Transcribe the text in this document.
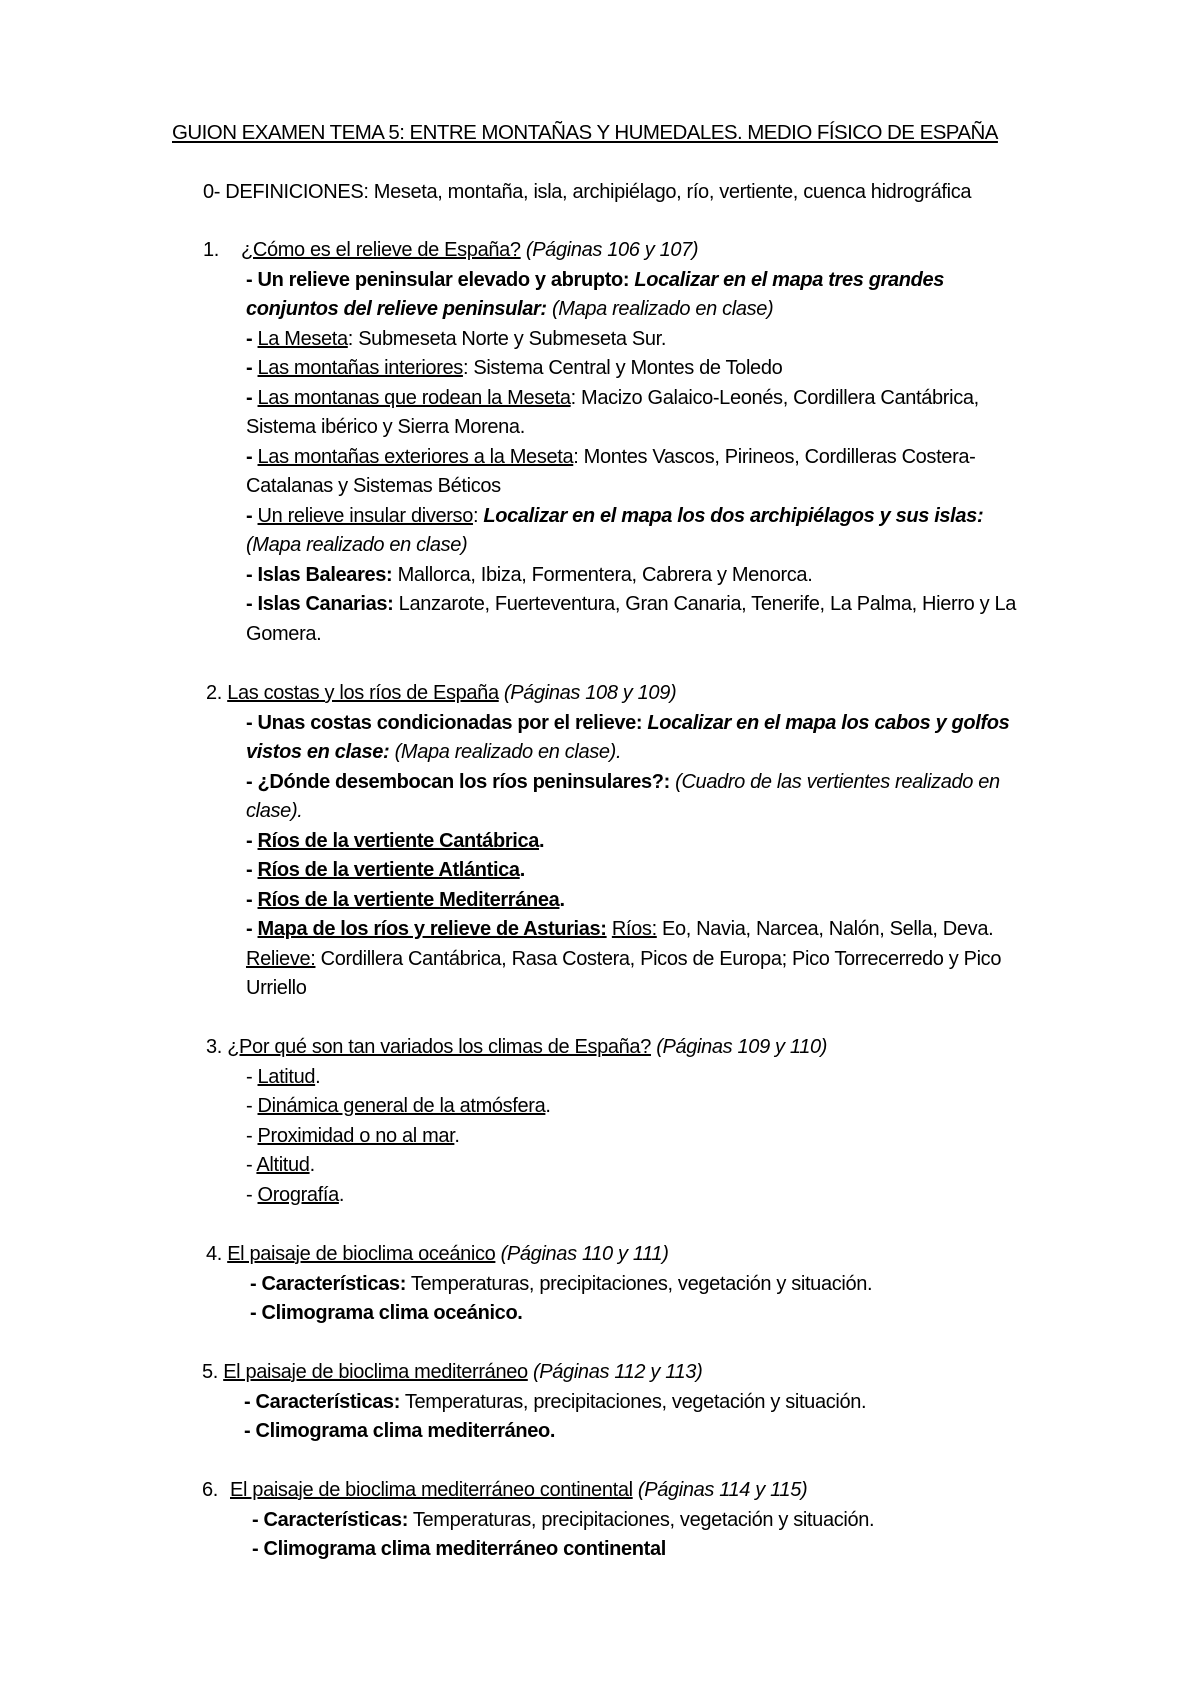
GUION EXAMEN TEMA 5: ENTRE MONTAÑAS Y HUMEDALES. MEDIO FÍSICO DE ESPAÑA
0- DEFINICIONES: Meseta, montaña, isla, archipiélago, río, vertiente, cuenca hidrográfica
1. ¿Cómo es el relieve de España? (Páginas 106 y 107)
- Un relieve peninsular elevado y abrupto: Localizar en el mapa tres grandes
conjuntos del relieve peninsular: (Mapa realizado en clase)
- La Meseta: Submeseta Norte y Submeseta Sur.
- Las montañas interiores: Sistema Central y Montes de Toledo
- Las montanas que rodean la Meseta: Macizo Galaico-Leonés, Cordillera Cantábrica,
Sistema ibérico y Sierra Morena.
- Las montañas exteriores a la Meseta: Montes Vascos, Pirineos, Cordilleras Costera-
Catalanas y Sistemas Béticos
- Un relieve insular diverso: Localizar en el mapa los dos archipiélagos y sus islas:
(Mapa realizado en clase)
- Islas Baleares: Mallorca, Ibiza, Formentera, Cabrera y Menorca.
- Islas Canarias: Lanzarote, Fuerteventura, Gran Canaria, Tenerife, La Palma, Hierro y La
Gomera.
2. Las costas y los ríos de España (Páginas 108 y 109)
- Unas costas condicionadas por el relieve: Localizar en el mapa los cabos y golfos
vistos en clase: (Mapa realizado en clase).
- ¿Dónde desembocan los ríos peninsulares?: (Cuadro de las vertientes realizado en
clase).
- Ríos de la vertiente Cantábrica.
- Ríos de la vertiente Atlántica.
- Ríos de la vertiente Mediterránea.
- Mapa de los ríos y relieve de Asturias: Ríos: Eo, Navia, Narcea, Nalón, Sella, Deva.
Relieve: Cordillera Cantábrica, Rasa Costera, Picos de Europa; Pico Torrecerredo y Pico
Urriello
3. ¿Por qué son tan variados los climas de España? (Páginas 109 y 110)
- Latitud.
- Dinámica general de la atmósfera.
- Proximidad o no al mar.
- Altitud.
- Orografía.
4. El paisaje de bioclima oceánico (Páginas 110 y 111)
- Características: Temperaturas, precipitaciones, vegetación y situación.
- Climograma clima oceánico.
5. El paisaje de bioclima mediterráneo (Páginas 112 y 113)
- Características: Temperaturas, precipitaciones, vegetación y situación.
- Climograma clima mediterráneo.
6. El paisaje de bioclima mediterráneo continental (Páginas 114 y 115)
- Características: Temperaturas, precipitaciones, vegetación y situación.
- Climograma clima mediterráneo continental
